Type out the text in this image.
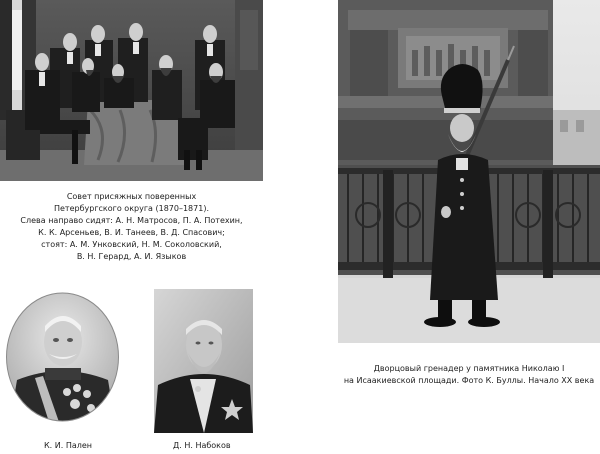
Совет присяжных поверенных
Петербургского округа (1870–1871).
Слева направо сидят: А. Н. Матросов, П. А. Потехин,
К. К. Арсеньев, В. И. Танеев, В. Д. Спасович;
стоят: А. М. Унковский, Н. М. Соколовский,
В. Н. Герард, А. И. Языков
К. И. Пален	Д. Н. Набоков
Дворцовый гренадер у памятника Николаю I
на Исаакиевской площади. Фото К. Буллы. Начало XX века
